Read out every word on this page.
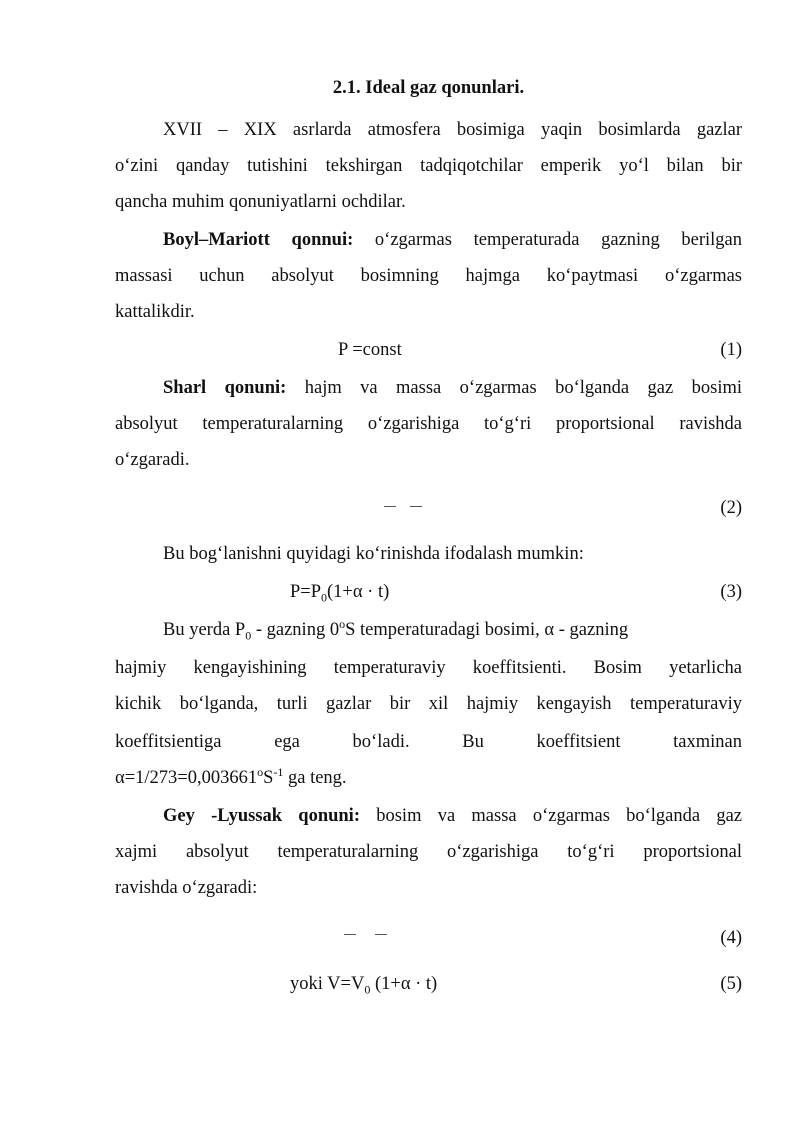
2.1. Ideal gaz qonunlari.
XVII – XIX asrlarda atmosfera bosimiga yaqin bosimlarda gazlar
o‘zini qanday tutishini tekshirgan tadqiqotchilar emperik yo‘l bilan bir
qancha muhim qonuniyatlarni ochdilar.
Boyl–Mariott qonnui: o‘zgarmas temperaturada gazning berilgan
massasi uchun absolyut bosimning hajmga ko‘paytmasi o‘zgarmas
kattalikdir.
P =const	(1)
Sharl qonuni: hajm va massa o‘zgarmas bo‘lganda gaz bosimi
absolyut temperaturalarning o‘zgarishiga to‘g‘ri proportsional ravishda
o‘zgaradi.
(2)
Bu bog‘lanishni quyidagi ko‘rinishda ifodalash mumkin:
$P=P_0(1+\alpha \cdot t)$	(3)
Bu yerda $P_0$ - gazning 0$^o$S temperaturadagi bosimi, α - gazning
hajmiy kengayishining temperaturaviy koeffitsienti. Bosim yetarlicha
kichik bo‘lganda, turli gazlar bir xil hajmiy kengayish temperaturaviy
koeffitsientiga ega bo‘ladi. Bu koeffitsient taxminan
$\alpha=1/273=0,003661^oS^{-1}$ ga teng.
Gey -Lyussak qonuni: bosim va massa o‘zgarmas bo‘lganda gaz
xajmi absolyut temperaturalarning o‘zgarishiga to‘g‘ri proportsional
ravishda o‘zgaradi:
(4)
yoki $V=V_0$ (1+α · t)	(5)
